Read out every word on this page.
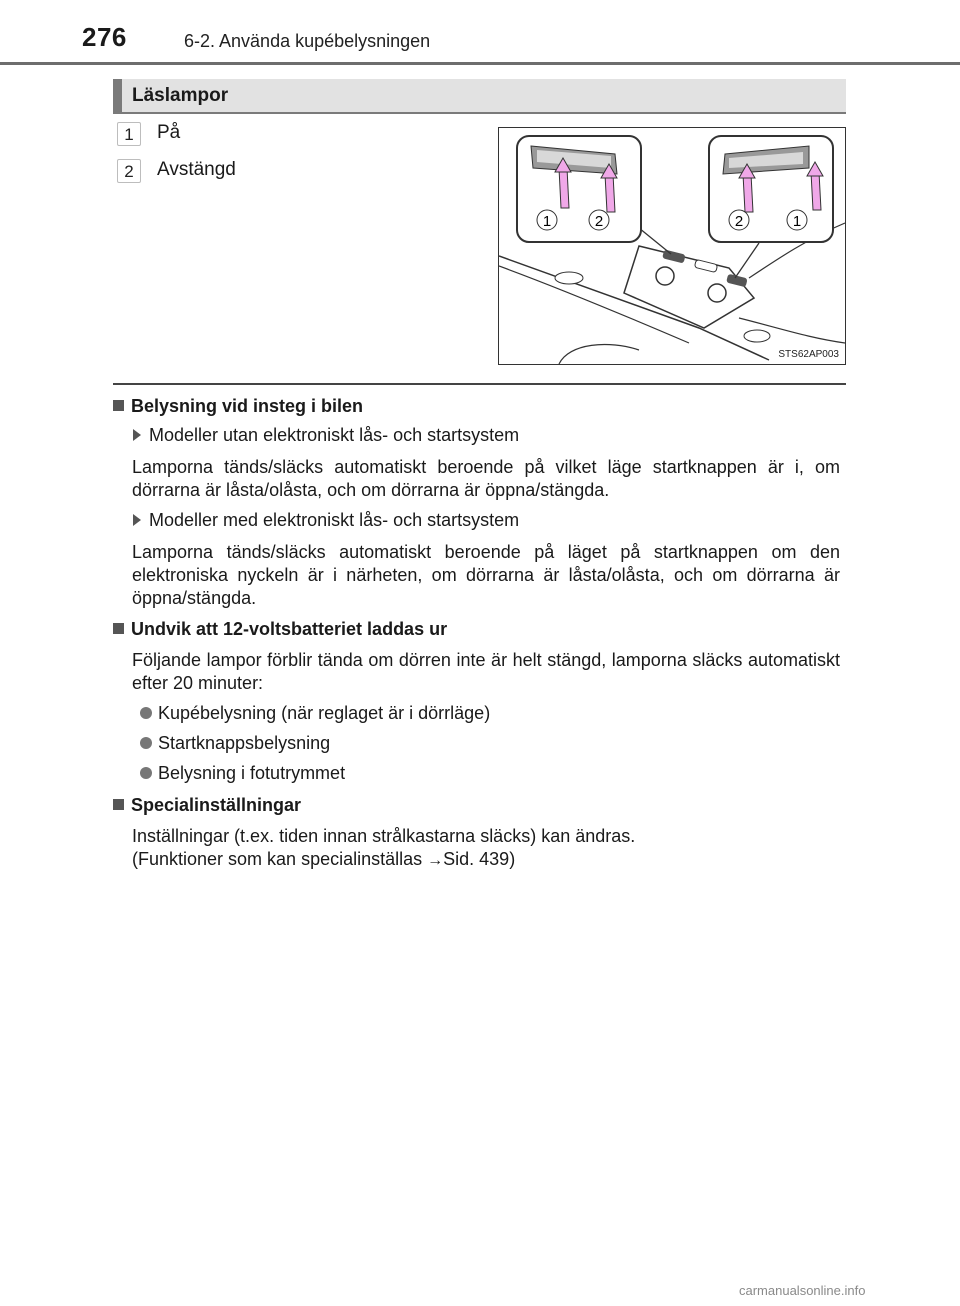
276	6-2. Använda kupébelysningen
Läslampor
1	På
2	Avstängd
1	2	2	1
STS62AP003
Belysning vid insteg i bilen
Modeller utan elektroniskt lås- och startsystem
Lamporna tänds/släcks automatiskt beroende på vilket läge startknappen är i, om dörrarna är låsta/olåsta, och om dörrarna är öppna/stängda.
Modeller med elektroniskt lås- och startsystem
Lamporna tänds/släcks automatiskt beroende på läget på startknappen om den elektroniska nyckeln är i närheten, om dörrarna är låsta/olåsta, och om dörrarna är öppna/stängda.
Undvik att 12-voltsbatteriet laddas ur
Följande lampor förblir tända om dörren inte är helt stängd, lamporna släcks automatiskt efter 20 minuter:
Kupébelysning (när reglaget är i dörrläge)
Startknappsbelysning
Belysning i fotutrymmet
Specialinställningar
Inställningar (t.ex. tiden innan strålkastarna släcks) kan ändras.
(Funktioner som kan specialinställas →Sid. 439)
carmanualsonline.info
